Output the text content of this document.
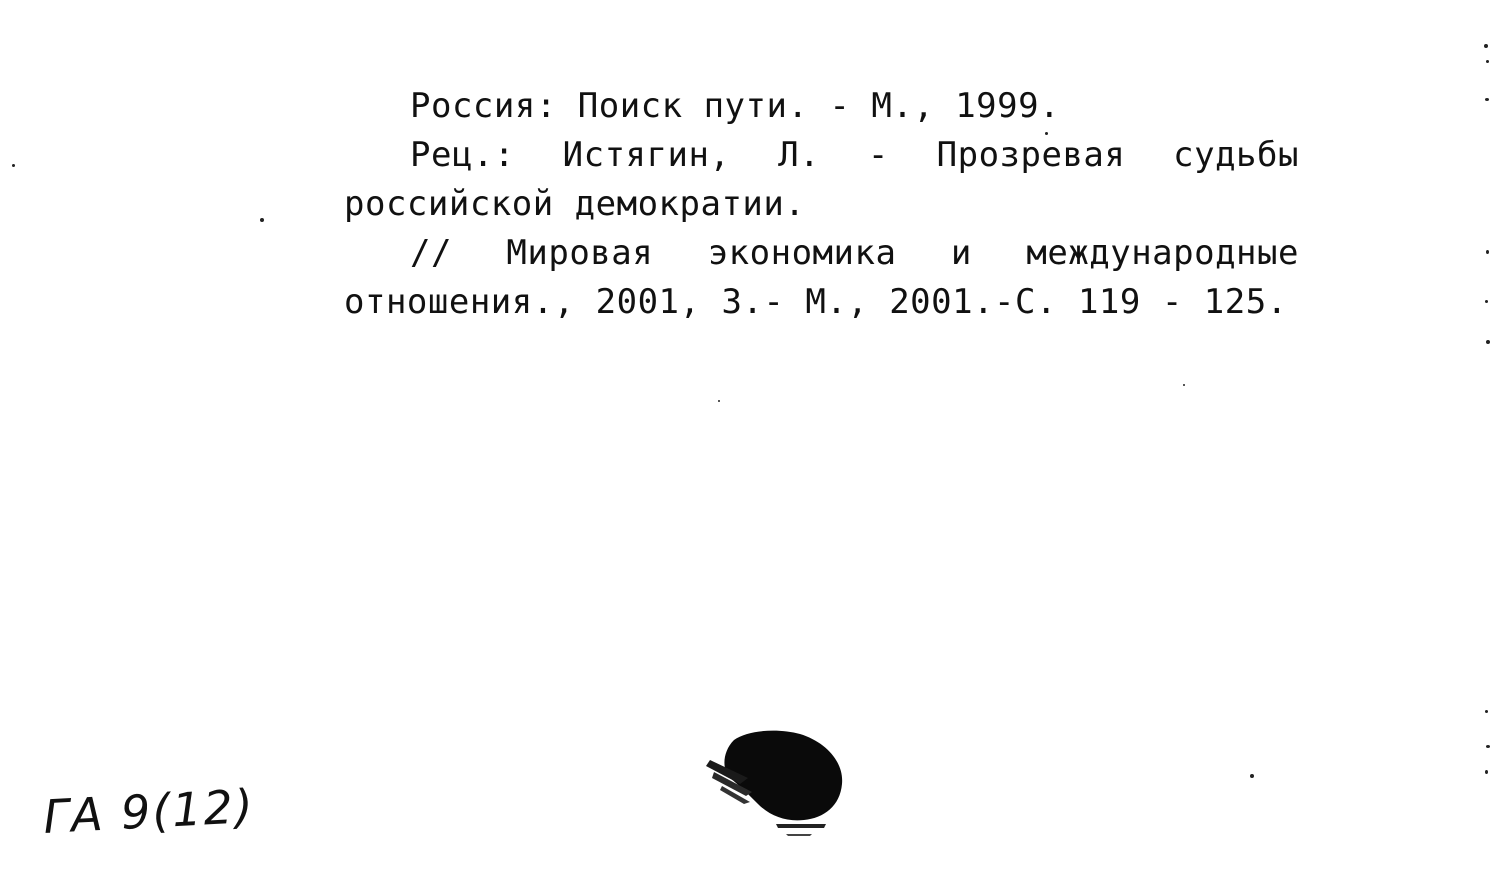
Россия: Поиск пути. - М., 1999.
Рец.: Истягин, Л. - Прозревая судьбы
российской демократии.
// Мировая экономика и международные
отношения., 2001, 3.- М., 2001.-С. 119 - 125.
ГА 9(12)
